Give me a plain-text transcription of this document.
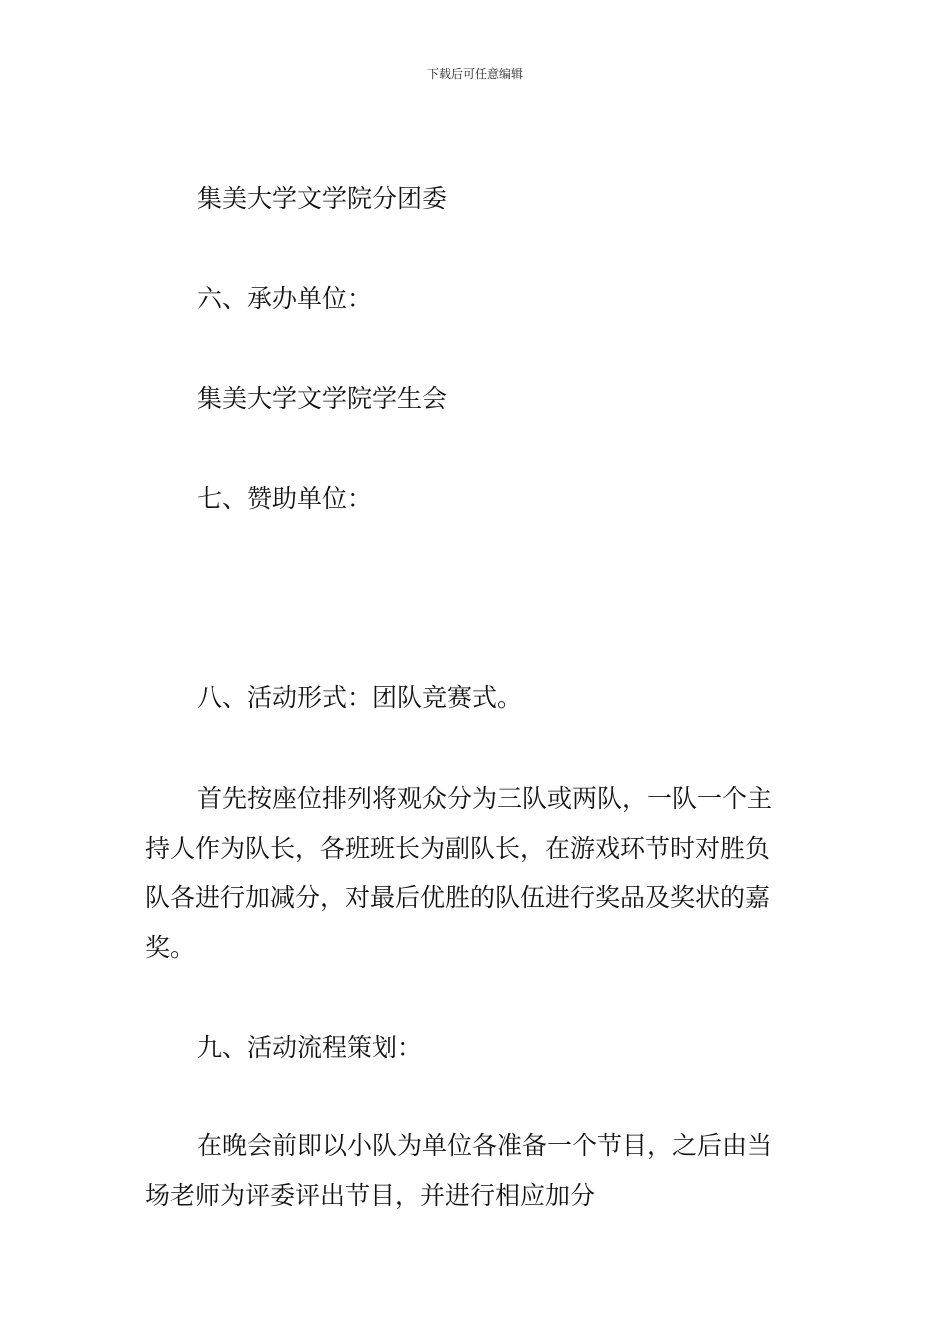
下载后可任意编辑
集美大学文学院分团委
六、承办单位：
集美大学文学院学生会
七、赞助单位：
八、活动形式：团队竞赛式。
首先按座位排列将观众分为三队或两队，一队一个主
持人作为队长，各班班长为副队长，在游戏环节时对胜负
队各进行加减分，对最后优胜的队伍进行奖品及奖状的嘉
奖。
九、活动流程策划：
在晚会前即以小队为单位各准备一个节目，之后由当
场老师为评委评出节目，并进行相应加分
